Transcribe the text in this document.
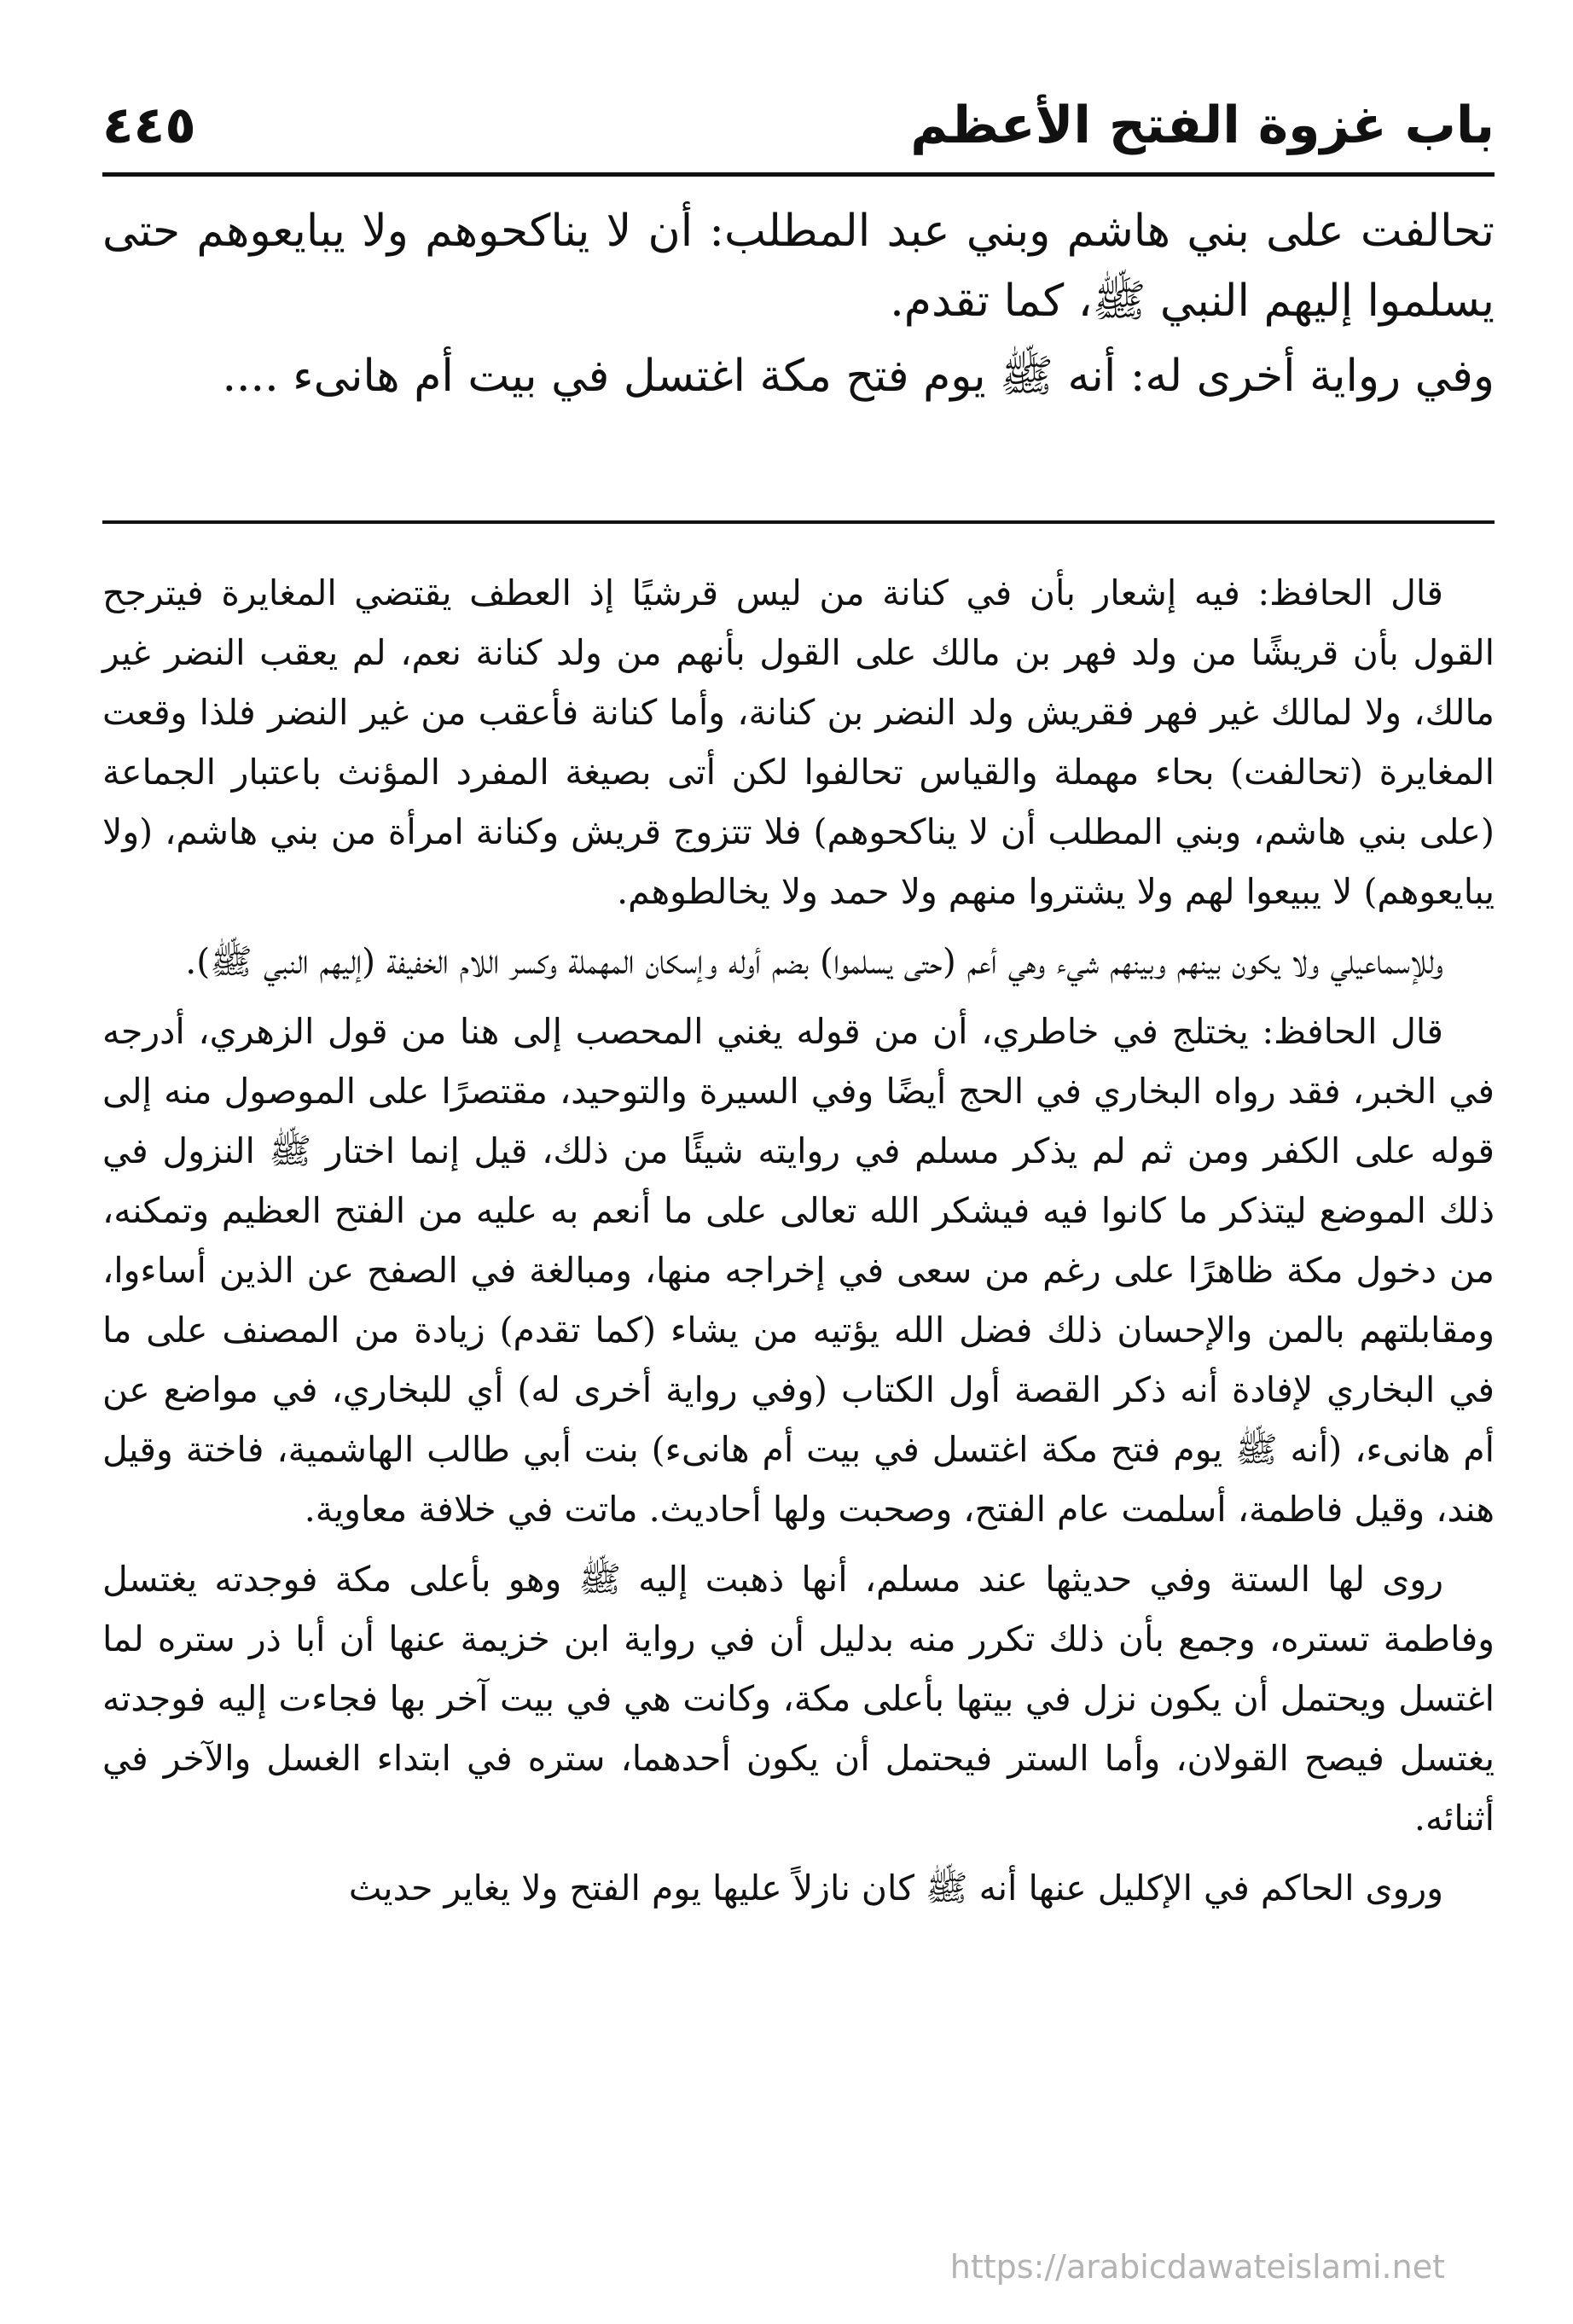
باب غزوة الفتح الأعظم
٤٤٥

تحالفت على بني هاشم وبني عبد المطلب: أن لا يناكحوهم ولا يبايعوهم حتى يسلموا إليهم النبي ﷺ، كما تقدم.

وفي رواية أخرى له: أنه ﷺ يوم فتح مكة اغتسل في بيت أم هانىء ....

قال الحافظ: فيه إشعار بأن في كنانة من ليس قرشيًا إذ العطف يقتضي المغايرة فيترجح القول بأن قريشًا من ولد فهر بن مالك على القول بأنهم من ولد كنانة نعم، لم يعقب النضر غير مالك، ولا لمالك غير فهر فقريش ولد النضر بن كنانة، وأما كنانة فأعقب من غير النضر فلذا وقعت المغايرة (تحالفت) بحاء مهملة والقياس تحالفوا لكن أتى بصيغة المفرد المؤنث باعتبار الجماعة (على بني هاشم، وبني المطلب أن لا يناكحوهم) فلا تتزوج قريش وكنانة امرأة من بني هاشم، (ولا يبايعوهم) لا يبيعوا لهم ولا يشتروا منهم ولا حمد ولا يخالطوهم.

وللإسماعيلي ولا يكون بينهم وبينهم شيء وهي أعم (حتى يسلموا) بضم أوله وإسكان المهملة وكسر اللام الخفيفة (إليهم النبي ﷺ).

قال الحافظ: يختلج في خاطري، أن من قوله يغني المحصب إلى هنا من قول الزهري، أدرجه في الخبر، فقد رواه البخاري في الحج أيضًا وفي السيرة والتوحيد، مقتصرًا على الموصول منه إلى قوله على الكفر ومن ثم لم يذكر مسلم في روايته شيئًا من ذلك، قيل إنما اختار ﷺ النزول في ذلك الموضع ليتذكر ما كانوا فيه فيشكر الله تعالى على ما أنعم به عليه من الفتح العظيم وتمكنه، من دخول مكة ظاهرًا على رغم من سعى في إخراجه منها، ومبالغة في الصفح عن الذين أساءوا، ومقابلتهم بالمن والإحسان ذلك فضل الله يؤتيه من يشاء (كما تقدم) زيادة من المصنف على ما في البخاري لإفادة أنه ذكر القصة أول الكتاب (وفي رواية أخرى له) أي للبخاري، في مواضع عن أم هانىء، (أنه ﷺ يوم فتح مكة اغتسل في بيت أم هانىء) بنت أبي طالب الهاشمية، فاختة وقيل هند، وقيل فاطمة، أسلمت عام الفتح، وصحبت ولها أحاديث. ماتت في خلافة معاوية.

روى لها الستة وفي حديثها عند مسلم، أنها ذهبت إليه ﷺ وهو بأعلى مكة فوجدته يغتسل وفاطمة تستره، وجمع بأن ذلك تكرر منه بدليل أن في رواية ابن خزيمة عنها أن أبا ذر ستره لما اغتسل ويحتمل أن يكون نزل في بيتها بأعلى مكة، وكانت هي في بيت آخر بها فجاءت إليه فوجدته يغتسل فيصح القولان، وأما الستر فيحتمل أن يكون أحدهما، ستره في ابتداء الغسل والآخر في أثنائه.

وروى الحاكم في الإكليل عنها أنه ﷺ كان نازلاً عليها يوم الفتح ولا يغاير حديث

https://arabicdawateislami.net
